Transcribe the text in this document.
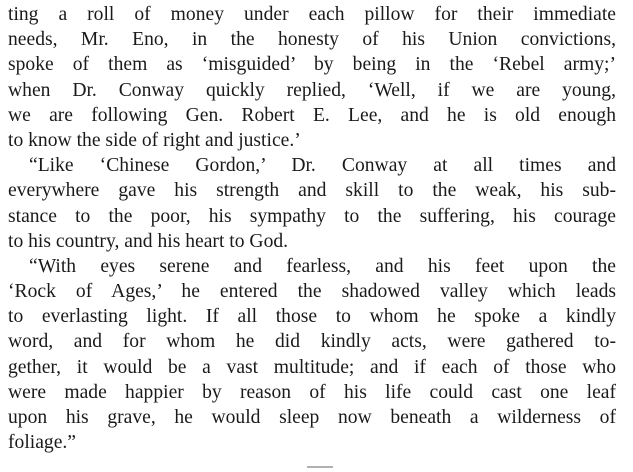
ting a roll of money under each pillow for their immediate
needs, Mr. Eno, in the honesty of his Union convictions,
spoke of them as ‘misguided’ by being in the ‘Rebel army;’
when Dr. Conway quickly replied, ‘Well, if we are young,
we are following Gen. Robert E. Lee, and he is old enough
to know the side of right and justice.’
“Like ‘Chinese Gordon,’ Dr. Conway at all times and
everywhere gave his strength and skill to the weak, his sub-
stance to the poor, his sympathy to the suffering, his courage
to his country, and his heart to God.
“With eyes serene and fearless, and his feet upon the
‘Rock of Ages,’ he entered the shadowed valley which leads
to everlasting light. If all those to whom he spoke a kindly
word, and for whom he did kindly acts, were gathered to-
gether, it would be a vast multitude; and if each of those who
were made happier by reason of his life could cast one leaf
upon his grave, he would sleep now beneath a wilderness of
foliage.”
